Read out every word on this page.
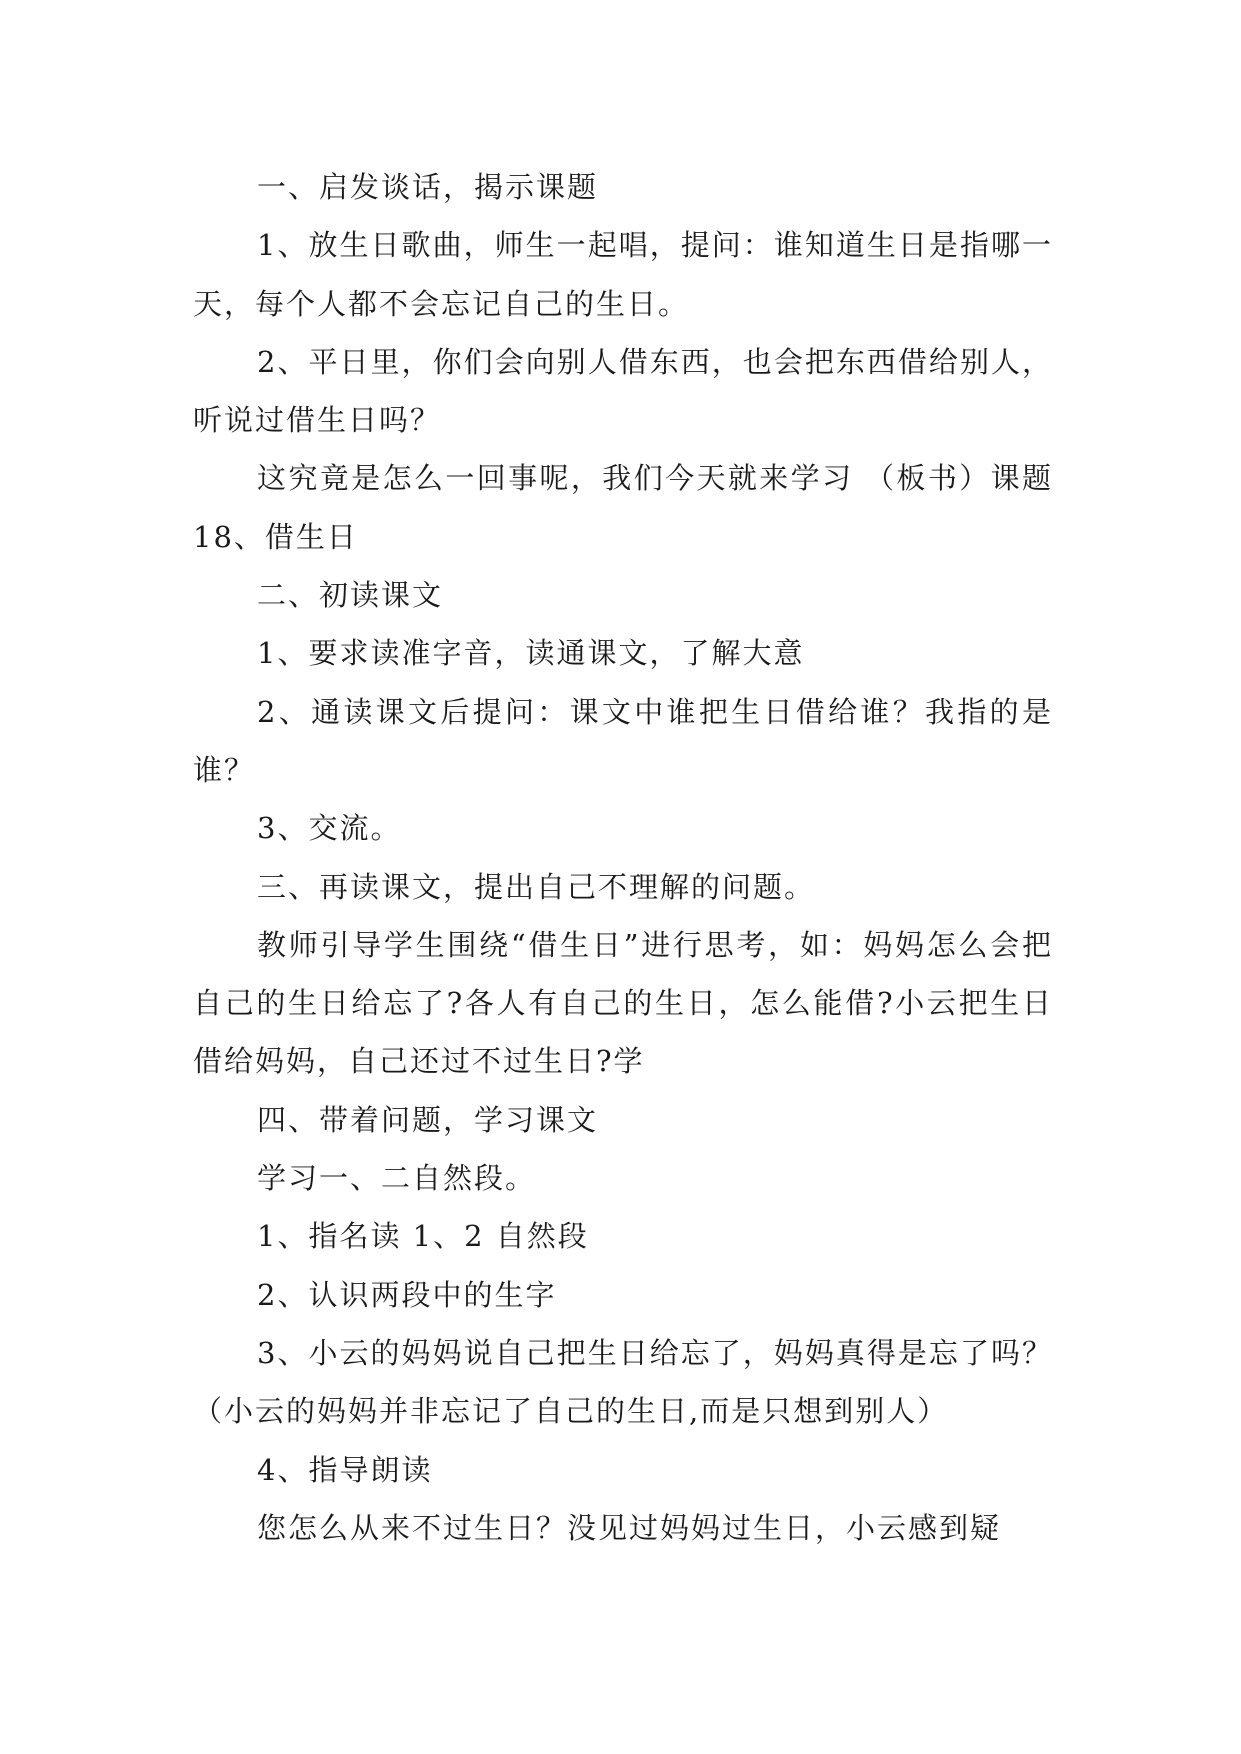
一、启发谈话，揭示课题

1、放生日歌曲，师生一起唱，提问：谁知道生日是指哪一天，每个人都不会忘记自己的生日。

2、平日里，你们会向别人借东西，也会把东西借给别人，听说过借生日吗？

这究竟是怎么一回事呢，我们今天就来学习 （板书）课题 18、借生日

二、初读课文

1、要求读准字音，读通课文，了解大意

2、通读课文后提问：课文中谁把生日借给谁？我指的是谁？

3、交流。

三、再读课文，提出自己不理解的问题。

教师引导学生围绕“借生日”进行思考，如：妈妈怎么会把自己的生日给忘了?各人有自己的生日，怎么能借?小云把生日借给妈妈，自己还过不过生日?学

四、带着问题，学习课文

学习一、二自然段。

1、指名读 1、2 自然段

2、认识两段中的生字

3、小云的妈妈说自己把生日给忘了，妈妈真得是忘了吗？（小云的妈妈并非忘记了自己的生日,而是只想到别人）

4、指导朗读

您怎么从来不过生日？没见过妈妈过生日，小云感到疑
